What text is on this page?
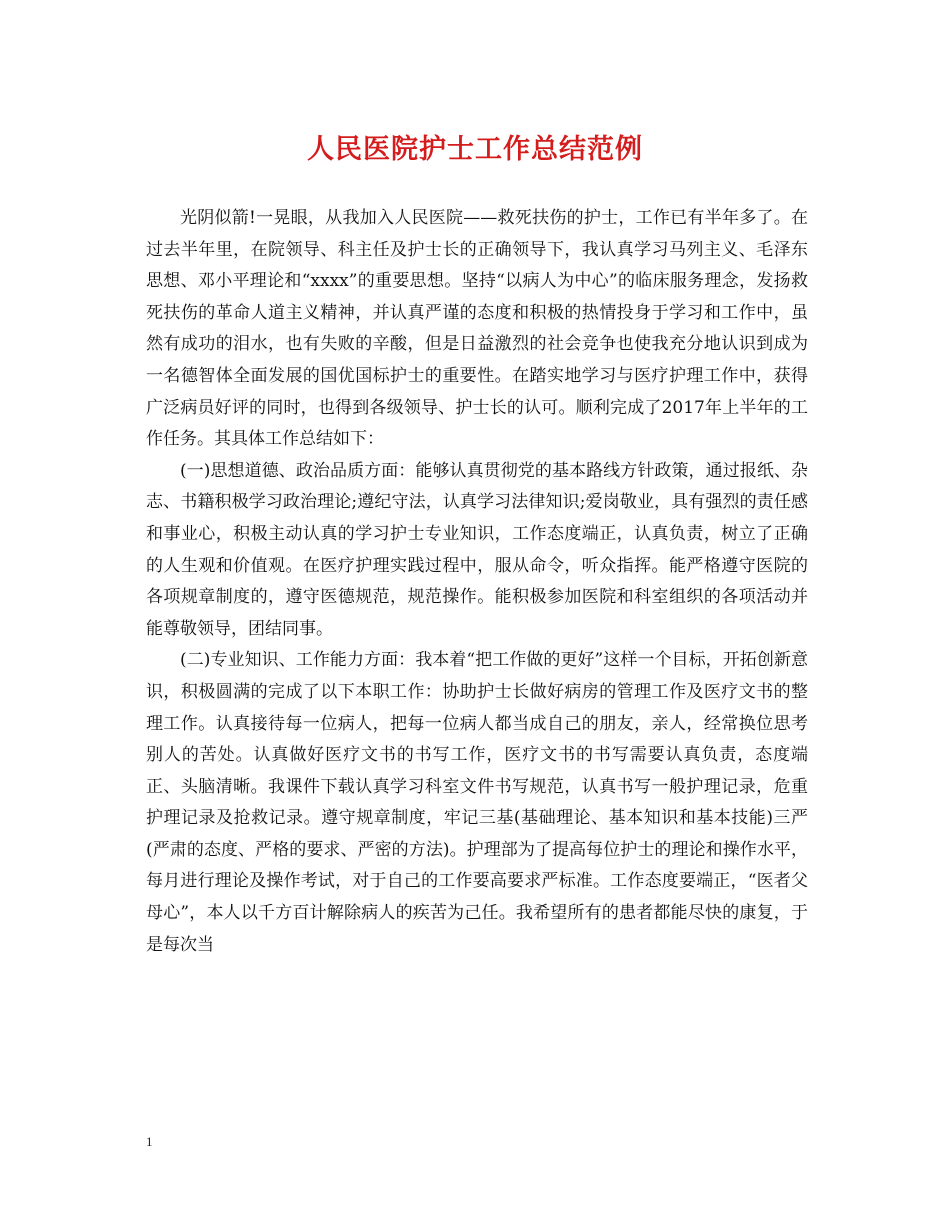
人民医院护士工作总结范例

光阴似箭!一晃眼，从我加入人民医院——救死扶伤的护士，工作已有半年多了。在过去半年里，在院领导、科主任及护士长的正确领导下，我认真学习马列主义、毛泽东思想、邓小平理论和“xxxx”的重要思想。坚持“以病人为中心”的临床服务理念，发扬救死扶伤的革命人道主义精神，并认真严谨的态度和积极的热情投身于学习和工作中，虽然有成功的泪水，也有失败的辛酸，但是日益激烈的社会竞争也使我充分地认识到成为一名德智体全面发展的国优国标护士的重要性。在踏实地学习与医疗护理工作中，获得广泛病员好评的同时，也得到各级领导、护士长的认可。顺利完成了2017年上半年的工作任务。其具体工作总结如下：

(一)思想道德、政治品质方面：能够认真贯彻党的基本路线方针政策，通过报纸、杂志、书籍积极学习政治理论;遵纪守法，认真学习法律知识;爱岗敬业，具有强烈的责任感和事业心，积极主动认真的学习护士专业知识，工作态度端正，认真负责，树立了正确的人生观和价值观。在医疗护理实践过程中，服从命令，听众指挥。能严格遵守医院的各项规章制度的，遵守医德规范，规范操作。能积极参加医院和科室组织的各项活动并能尊敬领导，团结同事。

(二)专业知识、工作能力方面：我本着“把工作做的更好”这样一个目标，开拓创新意识，积极圆满的完成了以下本职工作：协助护士长做好病房的管理工作及医疗文书的整理工作。认真接待每一位病人，把每一位病人都当成自己的朋友，亲人，经常换位思考别人的苦处。认真做好医疗文书的书写工作，医疗文书的书写需要认真负责，态度端正、头脑清晰。我课件下载认真学习科室文件书写规范，认真书写一般护理记录，危重护理记录及抢救记录。遵守规章制度，牢记三基(基础理论、基本知识和基本技能)三严(严肃的态度、严格的要求、严密的方法)。护理部为了提高每位护士的理论和操作水平，每月进行理论及操作考试，对于自己的工作要高要求严标准。工作态度要端正，“医者父母心”，本人以千方百计解除病人的疾苦为己任。我希望所有的患者都能尽快的康复，于是每次当

1
